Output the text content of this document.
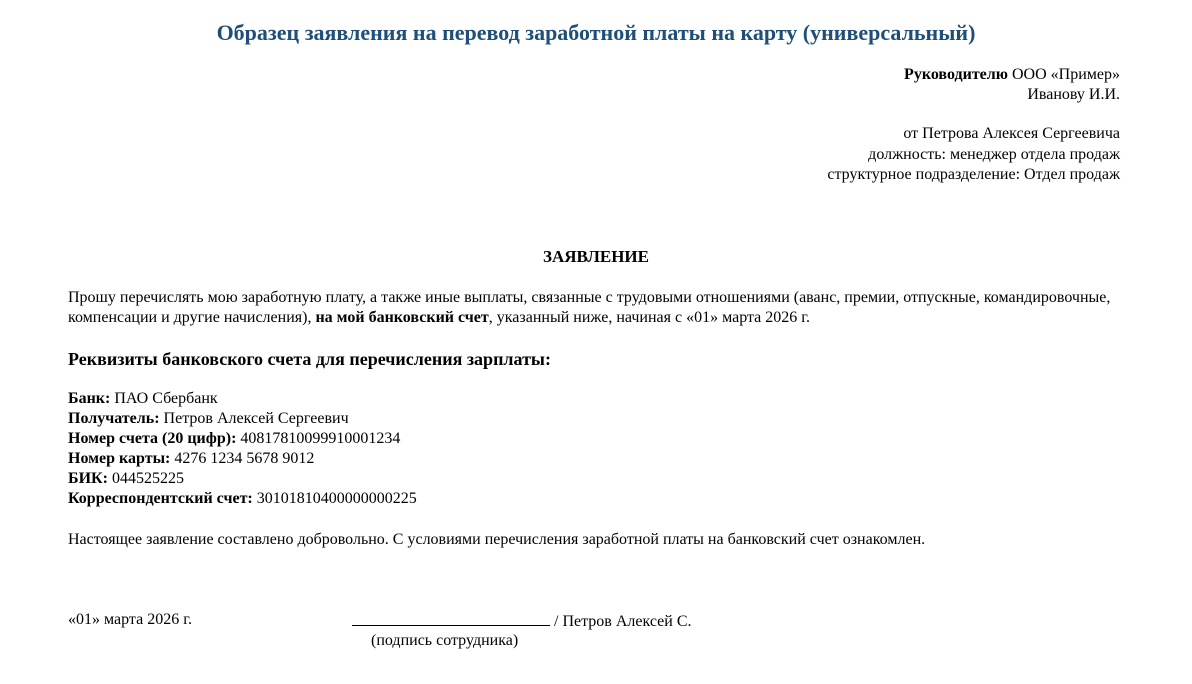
Образец заявления на перевод заработной платы на карту (универсальный)
Руководителю ООО «Пример»
Иванову И.И.
от Петрова Алексея Сергеевича
должность: менеджер отдела продаж
структурное подразделение: Отдел продаж
ЗАЯВЛЕНИЕ
Прошу перечислять мою заработную плату, а также иные выплаты, связанные с трудовыми отношениями (аванс, премии, отпускные, командировочные, компенсации и другие начисления), на мой банковский счет, указанный ниже, начиная с «01» марта 2026 г.
Реквизиты банковского счета для перечисления зарплаты:
Банк: ПАО Сбербанк
Получатель: Петров Алексей Сергеевич
Номер счета (20 цифр): 40817810099910001234
Номер карты: 4276 1234 5678 9012
БИК: 044525225
Корреспондентский счет: 30101810400000000225
Настоящее заявление составлено добровольно. С условиями перечисления заработной платы на банковский счет ознакомлен.
«01» марта 2026 г.	/ Петров Алексей С.
(подпись сотрудника)
